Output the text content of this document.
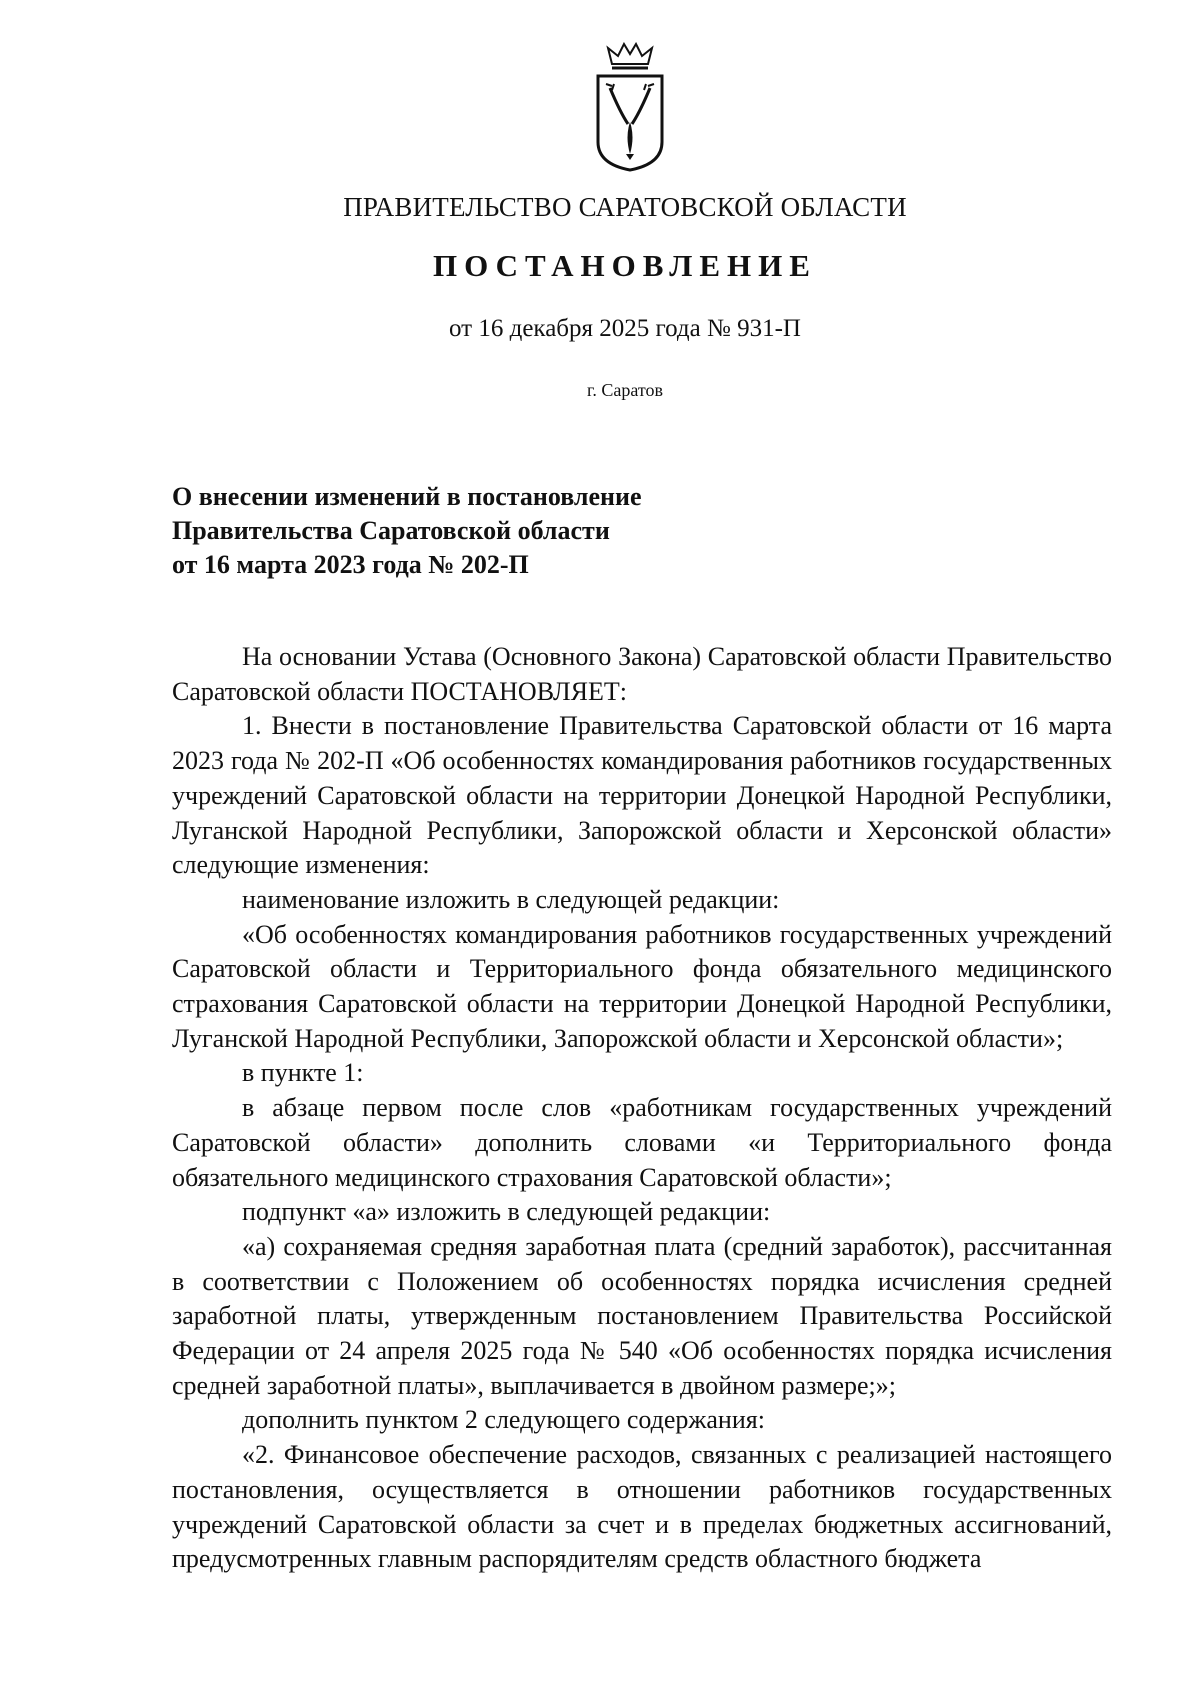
ПРАВИТЕЛЬСТВО САРАТОВСКОЙ ОБЛАСТИ
ПОСТАНОВЛЕНИЕ
от 16 декабря 2025 года № 931-П
г. Саратов
О внесении изменений в постановление
Правительства Саратовской области
от 16 марта 2023 года № 202-П

На основании Устава (Основного Закона) Саратовской области Правительство Саратовской области ПОСТАНОВЛЯЕТ:

1. Внести в постановление Правительства Саратовской области от 16 марта 2023 года № 202-П «Об особенностях командирования работников государственных учреждений Саратовской области на территории Донецкой Народной Республики, Луганской Народной Республики, Запорожской области и Херсонской области» следующие изменения:

наименование изложить в следующей редакции:

«Об особенностях командирования работников государственных учреждений Саратовской области и Территориального фонда обязательного медицинского страхования Саратовской области на территории Донецкой Народной Республики, Луганской Народной Республики, Запорожской области и Херсонской области»;

в пункте 1:

в абзаце первом после слов «работникам государственных учреждений Саратовской области» дополнить словами «и Территориального фонда обязательного медицинского страхования Саратовской области»;

подпункт «а» изложить в следующей редакции:

«а) сохраняемая средняя заработная плата (средний заработок), рассчитанная в соответствии с Положением об особенностях порядка исчисления средней заработной платы, утвержденным постановлением Правительства Российской Федерации от 24 апреля 2025 года № 540 «Об особенностях порядка исчисления средней заработной платы», выплачивается в двойном размере;»;

дополнить пунктом 2 следующего содержания:

«2. Финансовое обеспечение расходов, связанных с реализацией настоящего постановления, осуществляется в отношении работников государственных учреждений Саратовской области за счет и в пределах бюджетных ассигнований, предусмотренных главным распорядителям средств областного бюджета
